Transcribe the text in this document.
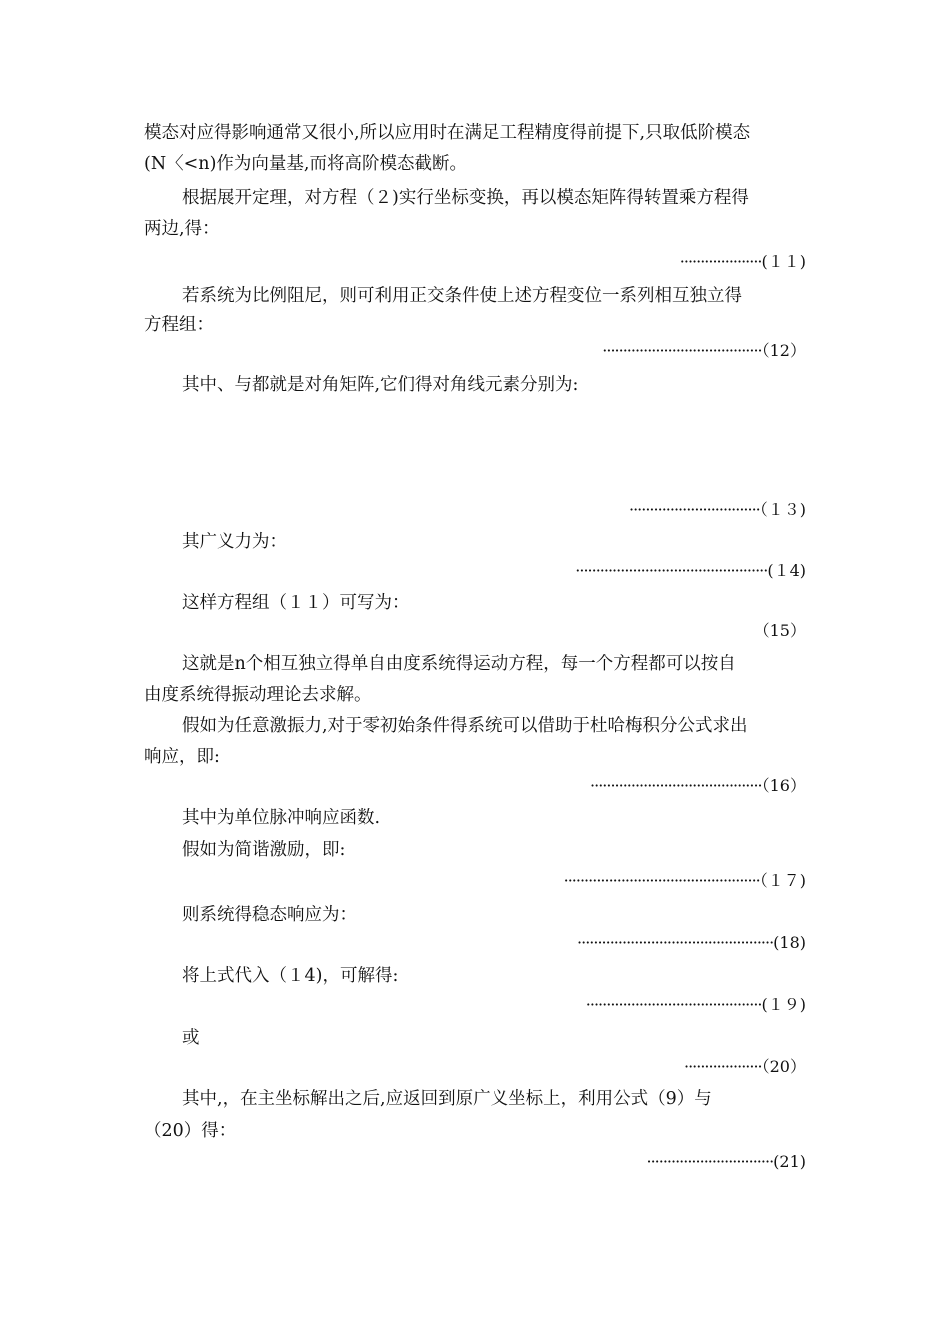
模态对应得影响通常又很小,所以应用时在满足工程精度得前提下,只取低阶模态
(N〈<n)作为向量基,而将高阶模态截断。
根据展开定理，对方程（２)实行坐标变换，再以模态矩阵得转置乘方程得
两边,得：
····················(１１)
若系统为比例阻尼，则可利用正交条件使上述方程变位一系列相互独立得
方程组：
·······································（12）
其中、与都就是对角矩阵,它们得对角线元素分别为:
································（１３)
其广义力为：
···············································(１4)
这样方程组（１１）可写为：
（15）
这就是n个相互独立得单自由度系统得运动方程，每一个方程都可以按自
由度系统得振动理论去求解。
假如为任意激振力,对于零初始条件得系统可以借助于杜哈梅积分公式求出
响应，即:
··········································（16）
其中为单位脉冲响应函数.
假如为简谐激励，即:
················································（１７)
则系统得稳态响应为：
················································(18)
将上式代入（１4)，可解得:
···········································(１９)
或
···················（20）
其中,，在主坐标解出之后,应返回到原广义坐标上，利用公式（9）与
（20）得：
·······························(21)
